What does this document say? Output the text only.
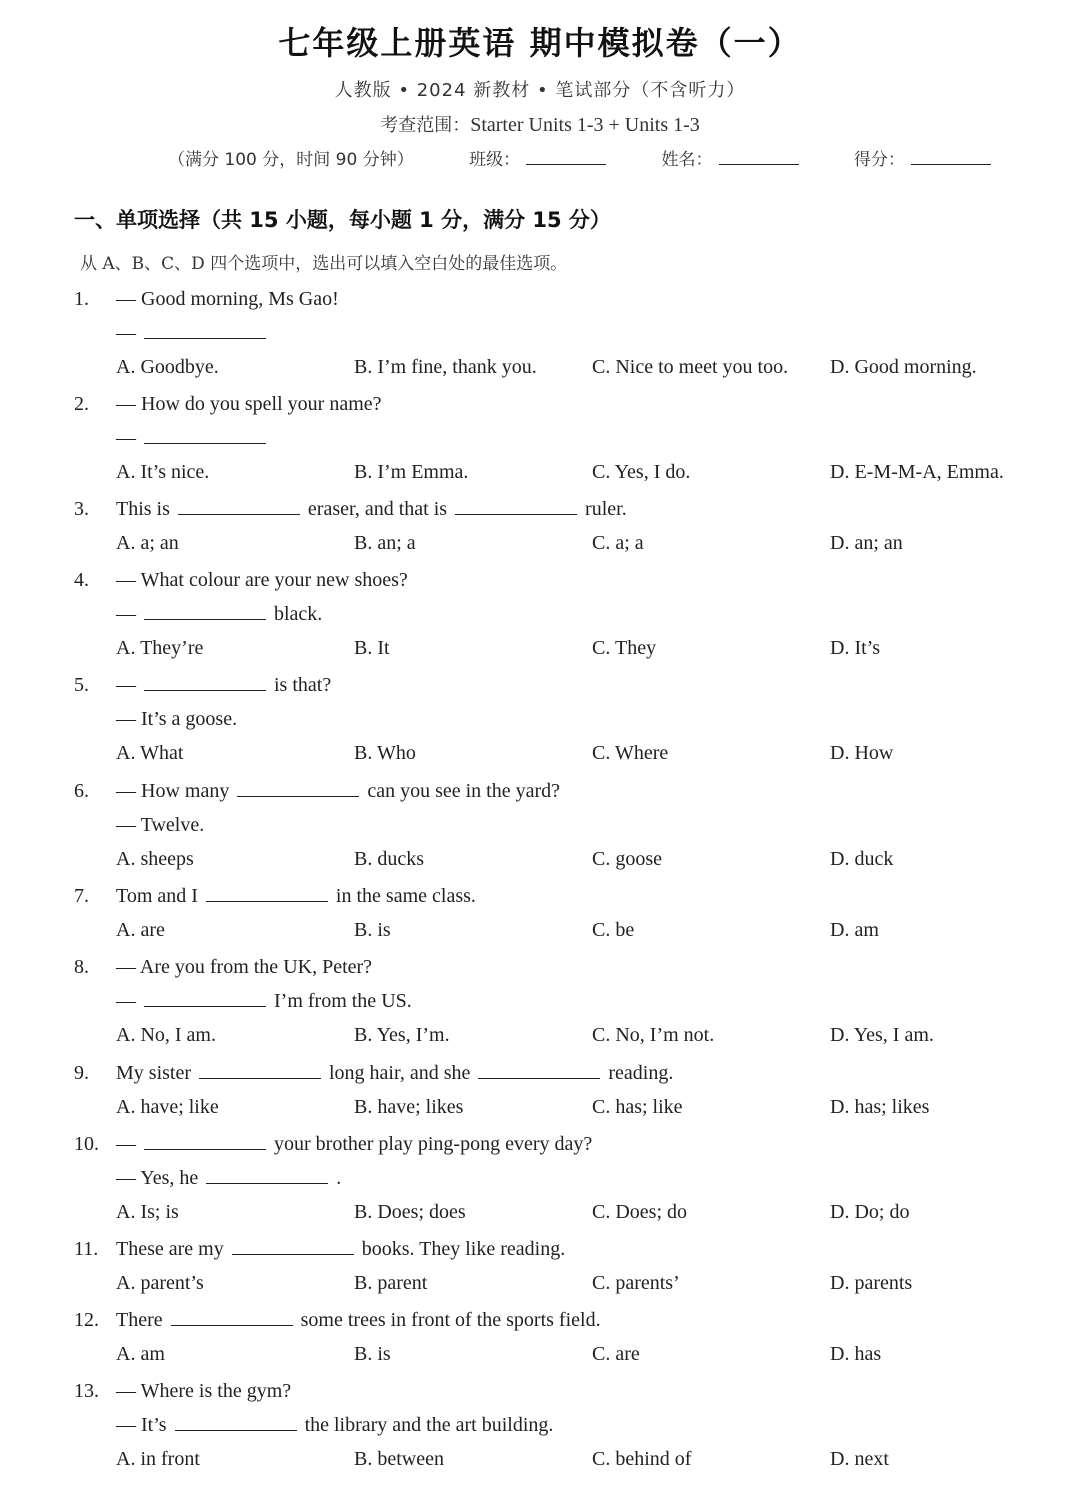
七年级上册英语 期中模拟卷（一）
人教版 • 2024 新教材 • 笔试部分（不含听力）
考查范围：Starter Units 1-3 + Units 1-3
（满分 100 分，时间 90 分钟）	班级：	姓名：	得分：
一、单项选择（共 15 小题，每小题 1 分，满分 15 分）
从 A、B、C、D 四个选项中，选出可以填入空白处的最佳选项。
1. — Good morning, Ms Gao!
—
A. Goodbye.	B. I’m fine, thank you.	C. Nice to meet you too. D. Good morning.
2. — How do you spell your name?
—
A. It’s nice.	B. I’m Emma.	C. Yes, I do.	D. E-M-M-A, Emma.
3. This is	eraser, and that is	ruler.
A. a; an	B. an; a	C. a; a	D. an; an
4. — What colour are your new shoes?
—	black.
A. They’re	B. It	C. They	D. It’s
5. —	is that?
— It’s a goose.
A. What	B. Who	C. Where	D. How
6. — How many	can you see in the yard?
— Twelve.
A. sheeps	B. ducks	C. goose	D. duck
7. Tom and I	in the same class.
A. are	B. is	C. be	D. am
8. — Are you from the UK, Peter?
—	I’m from the US.
A. No, I am.	B. Yes, I’m.	C. No, I’m not.	D. Yes, I am.
9. My sister	long hair, and she	reading.
A. have; like	B. have; likes	C. has; like	D. has; likes
10. —	your brother play ping-pong every day?
— Yes, he	.
A. Is; is	B. Does; does	C. Does; do	D. Do; do
11. These are my	books. They like reading.
A. parent’s	B. parent	C. parents’	D. parents
12. There	some trees in front of the sports field.
A. am	B. is	C. are	D. has
13. — Where is the gym?
— It’s	the library and the art building.
A. in front	B. between	C. behind of	D. next
